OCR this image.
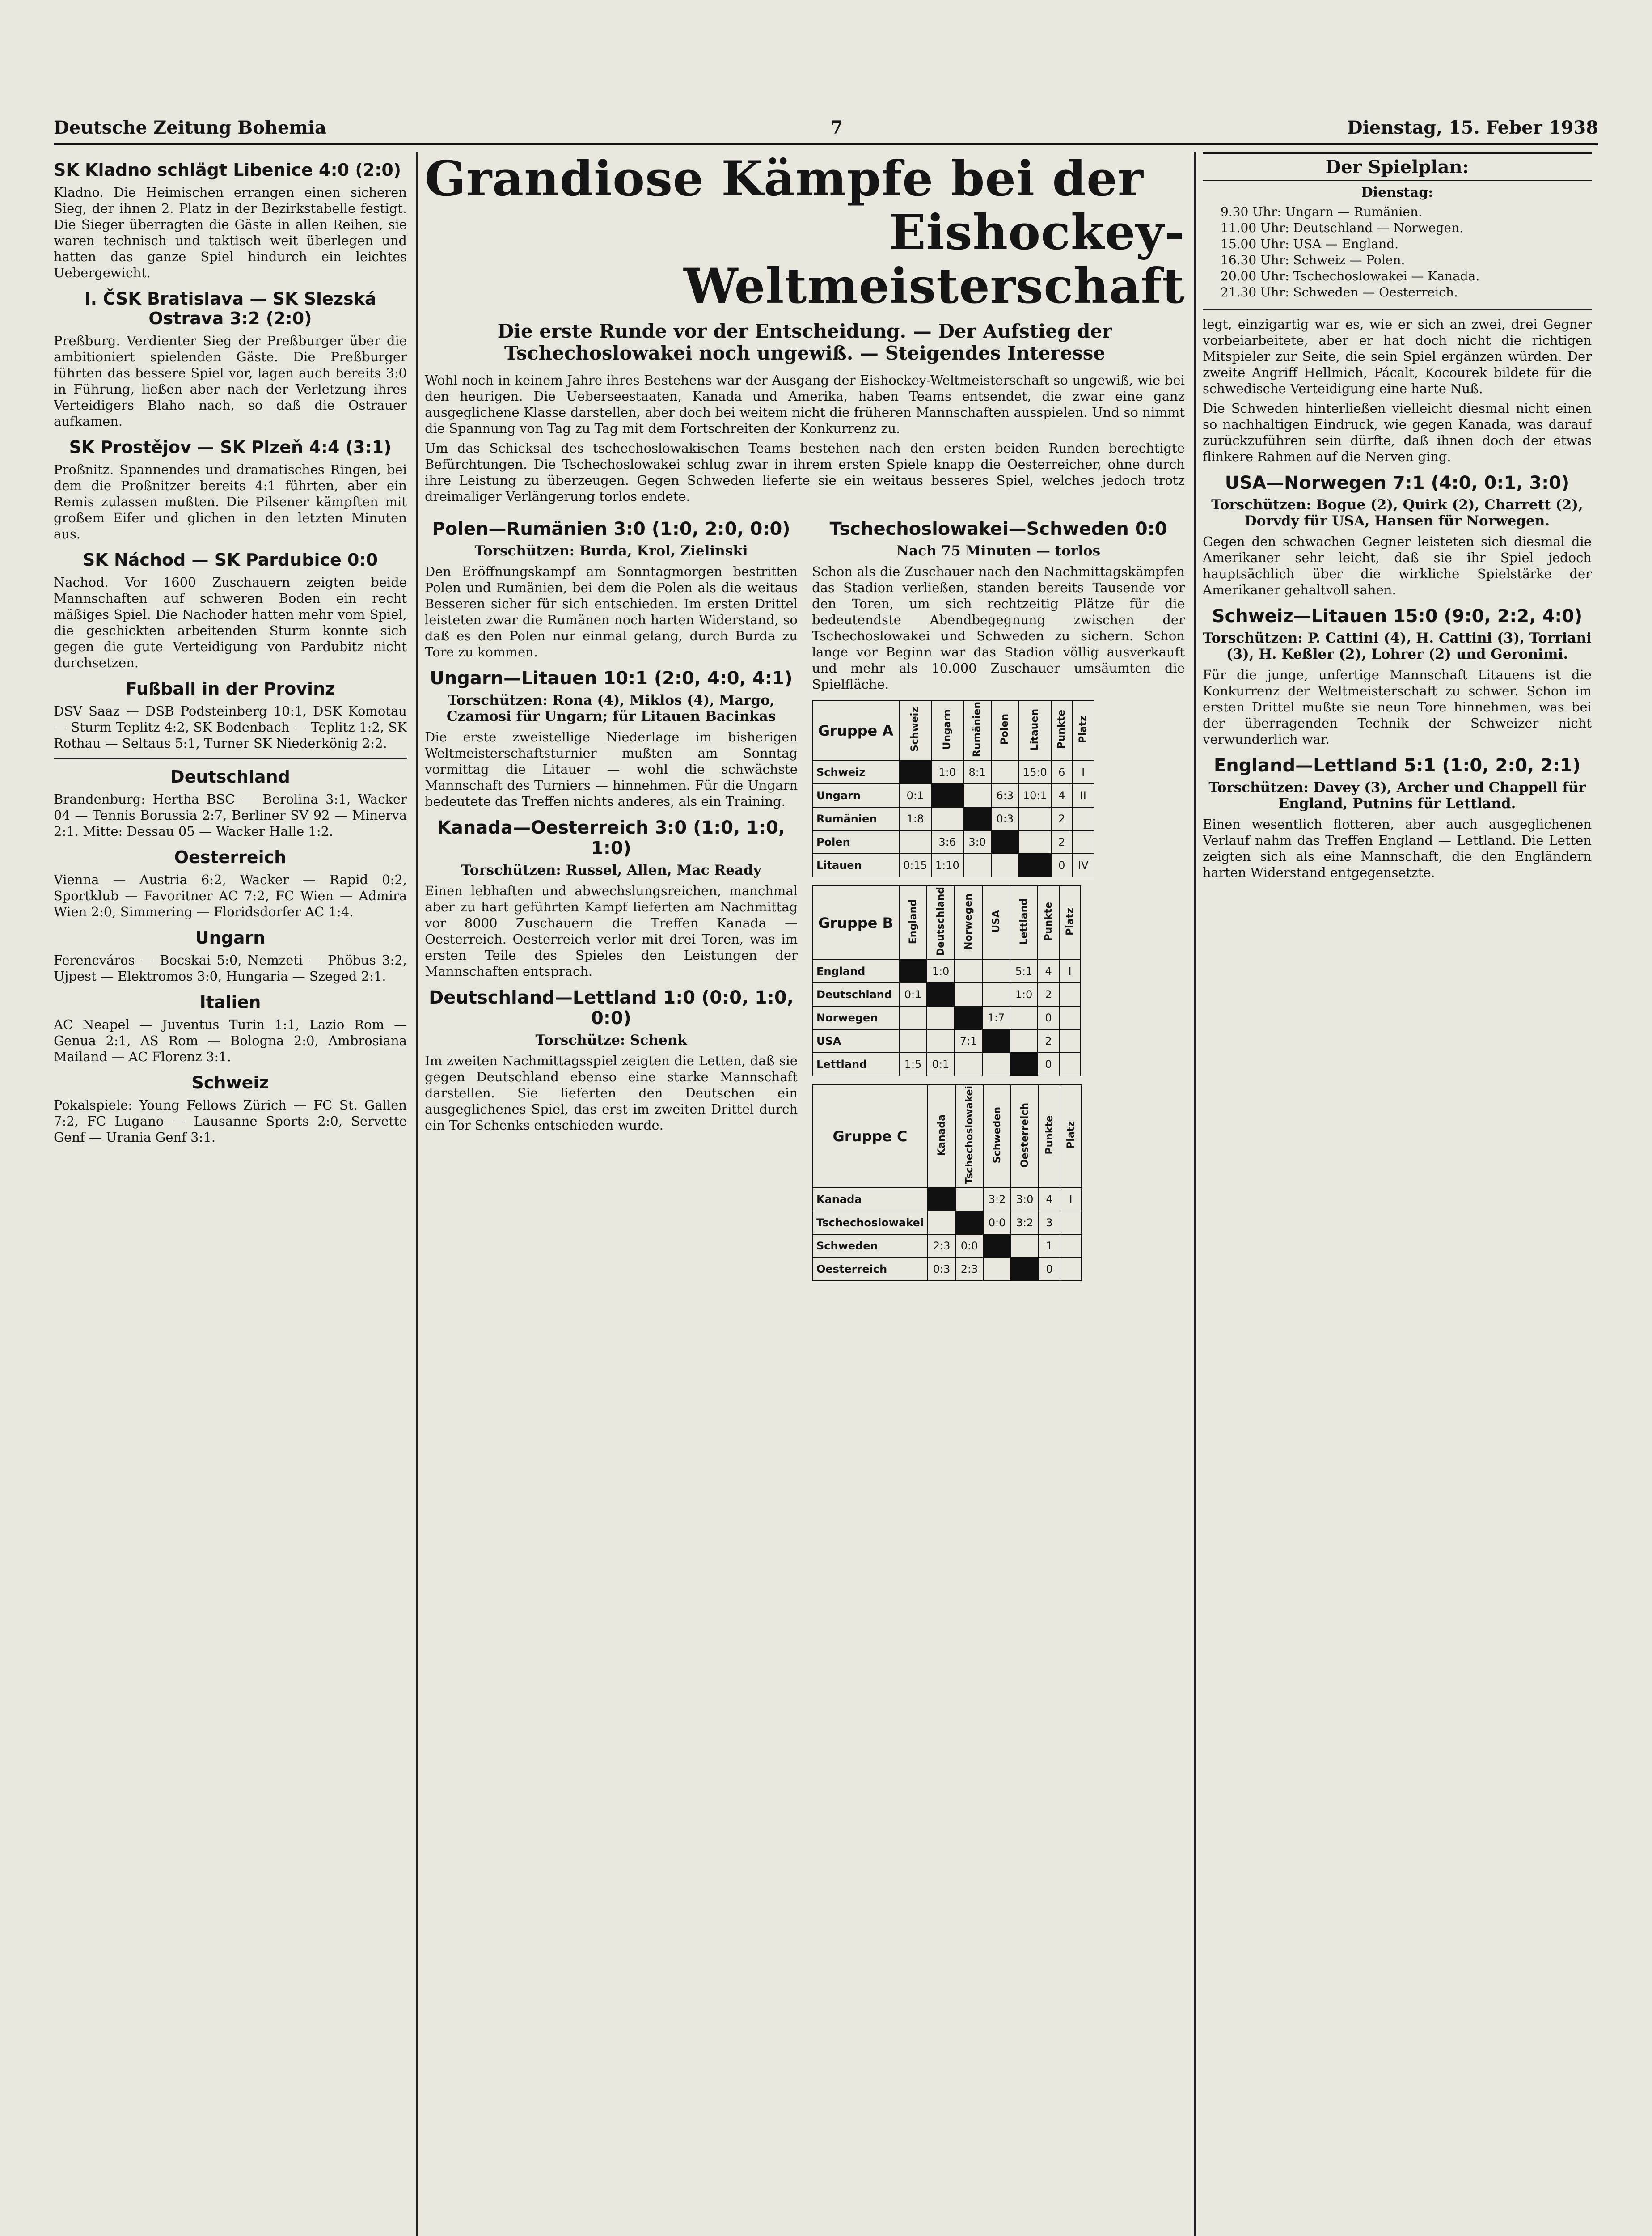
Deutsche Zeitung Bohemia	7	Dienstag, 15. Feber 1938
SK Kladno schlägt Libenice 4:0 (2:0)

Kladno. Die Heimischen errangen einen sicheren Sieg, der ihnen 2. Platz in der Bezirkstabelle festigt. Die Sieger überragten die Gäste in allen Reihen, sie waren technisch und taktisch weit überlegen und hatten das ganze Spiel hindurch ein leichtes Uebergewicht.

I. ČSK Bratislava — SK Slezská Ostrava 3:2 (2:0)

Preßburg. Verdienter Sieg der Preßburger über die ambitioniert spielenden Gäste. Die Preßburger führten das bessere Spiel vor, lagen auch bereits 3:0 in Führung, ließen aber nach der Verletzung ihres Verteidigers Blaho nach, so daß die Ostrauer aufkamen.

SK Prostějov — SK Plzeň 4:4 (3:1)

Proßnitz. Spannendes und dramatisches Ringen, bei dem die Proßnitzer bereits 4:1 führten, aber ein Remis zulassen mußten. Die Pilsener kämpften mit großem Eifer und glichen in den letzten Minuten aus.

SK Náchod — SK Pardubice 0:0

Nachod. Vor 1600 Zuschauern zeigten beide Mannschaften auf schweren Boden ein recht mäßiges Spiel. Die Nachoder hatten mehr vom Spiel, die geschickten arbeitenden Sturm konnte sich gegen die gute Verteidigung von Pardubitz nicht durchsetzen.

Fußball in der Provinz

DSV Saaz — DSB Podsteinberg 10:1, DSK Komotau — Sturm Teplitz 4:2, SK Bodenbach — Teplitz 1:2, SK Rothau — Seltaus 5:1, Turner SK Niederkönig 2:2.

Deutschland

Brandenburg: Hertha BSC — Berolina 3:1, Wacker 04 — Tennis Borussia 2:7, Berliner SV 92 — Minerva 2:1. Mitte: Dessau 05 — Wacker Halle 1:2.

Oesterreich

Vienna — Austria 6:2, Wacker — Rapid 0:2, Sportklub — Favoritner AC 7:2, FC Wien — Admira Wien 2:0, Simmering — Floridsdorfer AC 1:4.

Ungarn

Ferencváros — Bocskai 5:0, Nemzeti — Phöbus 3:2, Ujpest — Elektromos 3:0, Hungaria — Szeged 2:1.

Italien

AC Neapel — Juventus Turin 1:1, Lazio Rom — Genua 2:1, AS Rom — Bologna 2:0, Ambrosiana Mailand — AC Florenz 3:1.

Schweiz

Pokalspiele: Young Fellows Zürich — FC St. Gallen 7:2, FC Lugano — Lausanne Sports 2:0, Servette Genf — Urania Genf 3:1.

Grandiose Kämpfe bei der
Eishockey-Weltmeisterschaft
Die erste Runde vor der Entscheidung. — Der Aufstieg der Tschechoslowakei noch ungewiß. — Steigendes Interesse

Wohl noch in keinem Jahre ihres Bestehens war der Ausgang der Eishockey-Weltmeisterschaft so ungewiß, wie bei den heurigen. Die Ueberseestaaten, Kanada und Amerika, haben Teams entsendet, die zwar eine ganz ausgeglichene Klasse darstellen, aber doch bei weitem nicht die früheren Mannschaften ausspielen. Und so nimmt die Spannung von Tag zu Tag mit dem Fortschreiten der Konkurrenz zu.

Um das Schicksal des tschechoslowakischen Teams bestehen nach den ersten beiden Runden berechtigte Befürchtungen. Die Tschechoslowakei schlug zwar in ihrem ersten Spiele knapp die Oesterreicher, ohne durch ihre Leistung zu überzeugen. Gegen Schweden lieferte sie ein weitaus besseres Spiel, welches jedoch trotz dreimaliger Verlängerung torlos endete.

Polen—Rumänien 3:0 (1:0, 2:0, 0:0)
Torschützen: Burda, Krol, Zielinski

Den Eröffnungskampf am Sonntagmorgen bestritten Polen und Rumänien, bei dem die Polen als die weitaus Besseren sicher für sich entschieden. Im ersten Drittel leisteten zwar die Rumänen noch harten Widerstand, so daß es den Polen nur einmal gelang, durch Burda zu Tore zu kommen.

Ungarn—Litauen 10:1 (2:0, 4:0, 4:1)
Torschützen: Rona (4), Miklos (4), Margo, Czamosi für Ungarn; für Litauen Bacinkas

Die erste zweistellige Niederlage im bisherigen Weltmeisterschaftsturnier mußten am Sonntag vormittag die Litauer — wohl die schwächste Mannschaft des Turniers — hinnehmen. Für die Ungarn bedeutete das Treffen nichts anderes, als ein Training.

Kanada—Oesterreich 3:0 (1:0, 1:0, 1:0)
Torschützen: Russel, Allen, Mac Ready

Einen lebhaften und abwechslungsreichen, manchmal aber zu hart geführten Kampf lieferten am Nachmittag vor 8000 Zuschauern die Treffen Kanada — Oesterreich. Oesterreich verlor mit drei Toren, was im ersten Teile des Spieles den Leistungen der Mannschaften entsprach.

Deutschland—Lettland 1:0 (0:0, 1:0, 0:0)
Torschütze: Schenk

Im zweiten Nachmittagsspiel zeigten die Letten, daß sie gegen Deutschland ebenso eine starke Mannschaft darstellen. Sie lieferten den Deutschen ein ausgeglichenes Spiel, das erst im zweiten Drittel durch ein Tor Schenks entschieden wurde.

Tschechoslowakei—Schweden 0:0
Nach 75 Minuten — torlos

Schon als die Zuschauer nach den Nachmittagskämpfen das Stadion verließen, standen bereits Tausende vor den Toren, um sich rechtzeitig Plätze für die bedeutendste Abendbegegnung zwischen der Tschechoslowakei und Schweden zu sichern. Schon lange vor Beginn war das Stadion völlig ausverkauft und mehr als 10.000 Zuschauer umsäumten die Spielfläche.

Gruppe A	Schweiz	Ungarn	Rumänien	Polen	Litauen	Punkte	Platz
Schweiz		1:0	8:1		15:0	6	I
Ungarn	0:1			6:3	10:1	4	II
Rumänien	1:8			0:3		2	
Polen		3:6	3:0			2	
Litauen	0:15	1:10				0	IV
Gruppe B	England	Deutschland	Norwegen	USA	Lettland	Punkte	Platz
England		1:0			5:1	4	I
Deutschland	0:1				1:0	2	
Norwegen				1:7		0	
USA			7:1			2	
Lettland	1:5	0:1				0	
Gruppe C	Kanada	Tschechoslowakei	Schweden	Oesterreich	Punkte	Platz
Kanada			3:2	3:0	4	I
Tschechoslowakei			0:0	3:2	3	
Schweden	2:3	0:0			1	
Oesterreich	0:3	2:3			0	
Der Spielplan:
Dienstag:
9.30 Uhr: Ungarn — Rumänien.
11.00 Uhr: Deutschland — Norwegen.
15.00 Uhr: USA — England.
16.30 Uhr: Schweiz — Polen.
20.00 Uhr: Tschechoslowakei — Kanada.
21.30 Uhr: Schweden — Oesterreich.

legt, einzigartig war es, wie er sich an zwei, drei Gegner vorbeiarbeitete, aber er hat doch nicht die richtigen Mitspieler zur Seite, die sein Spiel ergänzen würden. Der zweite Angriff Hellmich, Pácalt, Kocourek bildete für die schwedische Verteidigung eine harte Nuß.

Die Schweden hinterließen vielleicht diesmal nicht einen so nachhaltigen Eindruck, wie gegen Kanada, was darauf zurückzuführen sein dürfte, daß ihnen doch der etwas flinkere Rahmen auf die Nerven ging.

USA—Norwegen 7:1 (4:0, 0:1, 3:0)
Torschützen: Bogue (2), Quirk (2), Charrett (2), Dorvdy für USA, Hansen für Norwegen.

Gegen den schwachen Gegner leisteten sich diesmal die Amerikaner sehr leicht, daß sie ihr Spiel jedoch hauptsächlich über die wirkliche Spielstärke der Amerikaner gehaltvoll sahen.

Schweiz—Litauen 15:0 (9:0, 2:2, 4:0)
Torschützen: P. Cattini (4), H. Cattini (3), Torriani (3), H. Keßler (2), Lohrer (2) und Geronimi.

Für die junge, unfertige Mannschaft Litauens ist die Konkurrenz der Weltmeisterschaft zu schwer. Schon im ersten Drittel mußte sie neun Tore hinnehmen, was bei der überragenden Technik der Schweizer nicht verwunderlich war.

England—Lettland 5:1 (1:0, 2:0, 2:1)
Torschützen: Davey (3), Archer und Chappell für England, Putnins für Lettland.

Einen wesentlich flotteren, aber auch ausgeglichenen Verlauf nahm das Treffen England — Lettland. Die Letten zeigten sich als eine Mannschaft, die den Engländern harten Widerstand entgegensetzte.
